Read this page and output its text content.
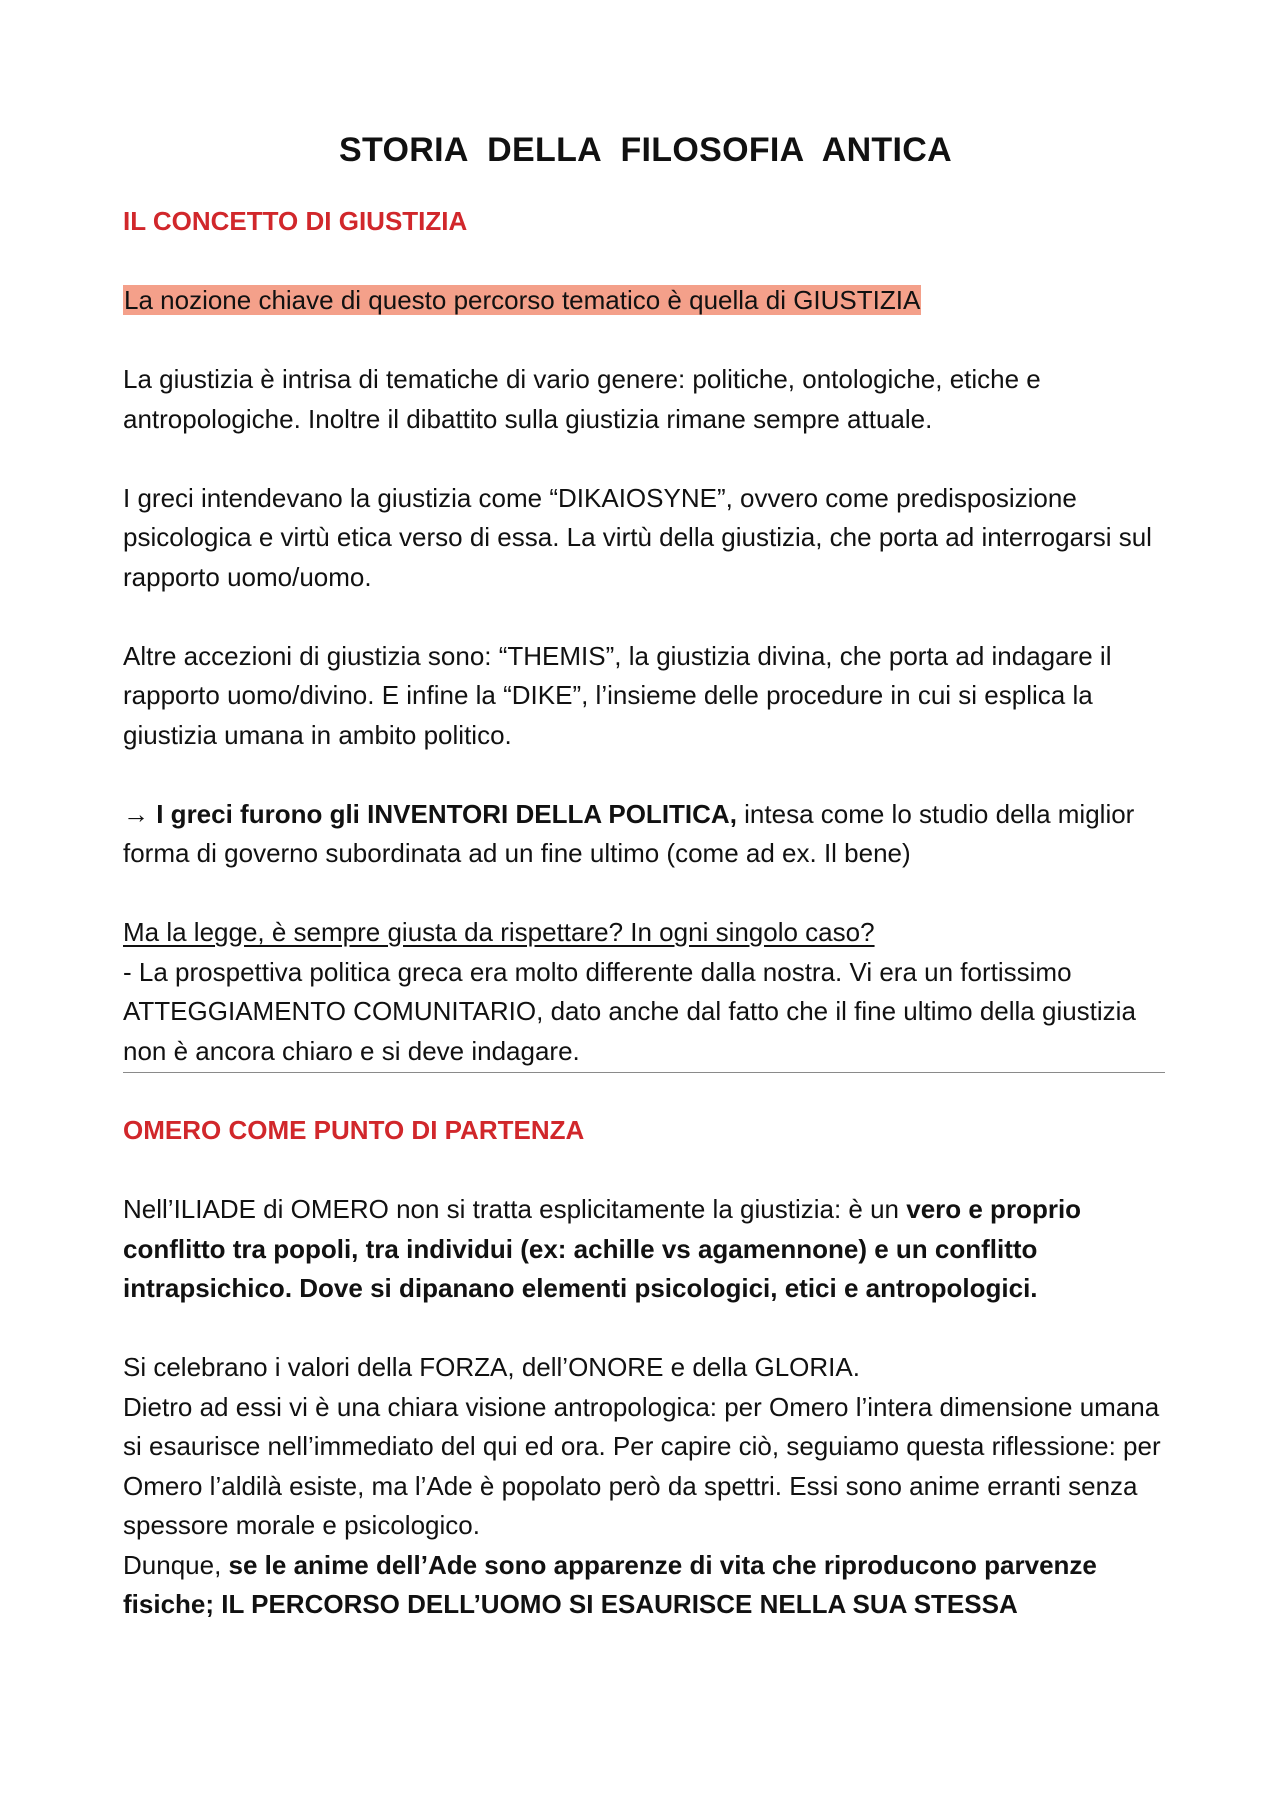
STORIA DELLA FILOSOFIA ANTICA
IL CONCETTO DI GIUSTIZIA

La nozione chiave di questo percorso tematico è quella di GIUSTIZIA

La giustizia è intrisa di tematiche di vario genere: politiche, ontologiche, etiche e antropologiche. Inoltre il dibattito sulla giustizia rimane sempre attuale.

I greci intendevano la giustizia come “DIKAIOSYNE”, ovvero come predisposizione psicologica e virtù etica verso di essa. La virtù della giustizia, che porta ad interrogarsi sul rapporto uomo/uomo.

Altre accezioni di giustizia sono: “THEMIS”, la giustizia divina, che porta ad indagare il rapporto uomo/divino. E infine la “DIKE”, l’insieme delle procedure in cui si esplica la giustizia umana in ambito politico.

→ I greci furono gli INVENTORI DELLA POLITICA, intesa come lo studio della miglior forma di governo subordinata ad un fine ultimo (come ad ex. Il bene)

Ma la legge, è sempre giusta da rispettare? In ogni singolo caso?

- La prospettiva politica greca era molto differente dalla nostra. Vi era un fortissimo ATTEGGIAMENTO COMUNITARIO, dato anche dal fatto che il fine ultimo della giustizia non è ancora chiaro e si deve indagare.

OMERO COME PUNTO DI PARTENZA

Nell’ILIADE di OMERO non si tratta esplicitamente la giustizia: è un vero e proprio conflitto tra popoli, tra individui (ex: achille vs agamennone) e un conflitto intrapsichico. Dove si dipanano elementi psicologici, etici e antropologici.

Si celebrano i valori della FORZA, dell’ONORE e della GLORIA.

Dietro ad essi vi è una chiara visione antropologica: per Omero l’intera dimensione umana si esaurisce nell’immediato del qui ed ora. Per capire ciò, seguiamo questa riflessione: per Omero l’aldilà esiste, ma l’Ade è popolato però da spettri. Essi sono anime erranti senza spessore morale e psicologico.

Dunque, se le anime dell’Ade sono apparenze di vita che riproducono parvenze fisiche; IL PERCORSO DELL’UOMO SI ESAURISCE NELLA SUA STESSA
